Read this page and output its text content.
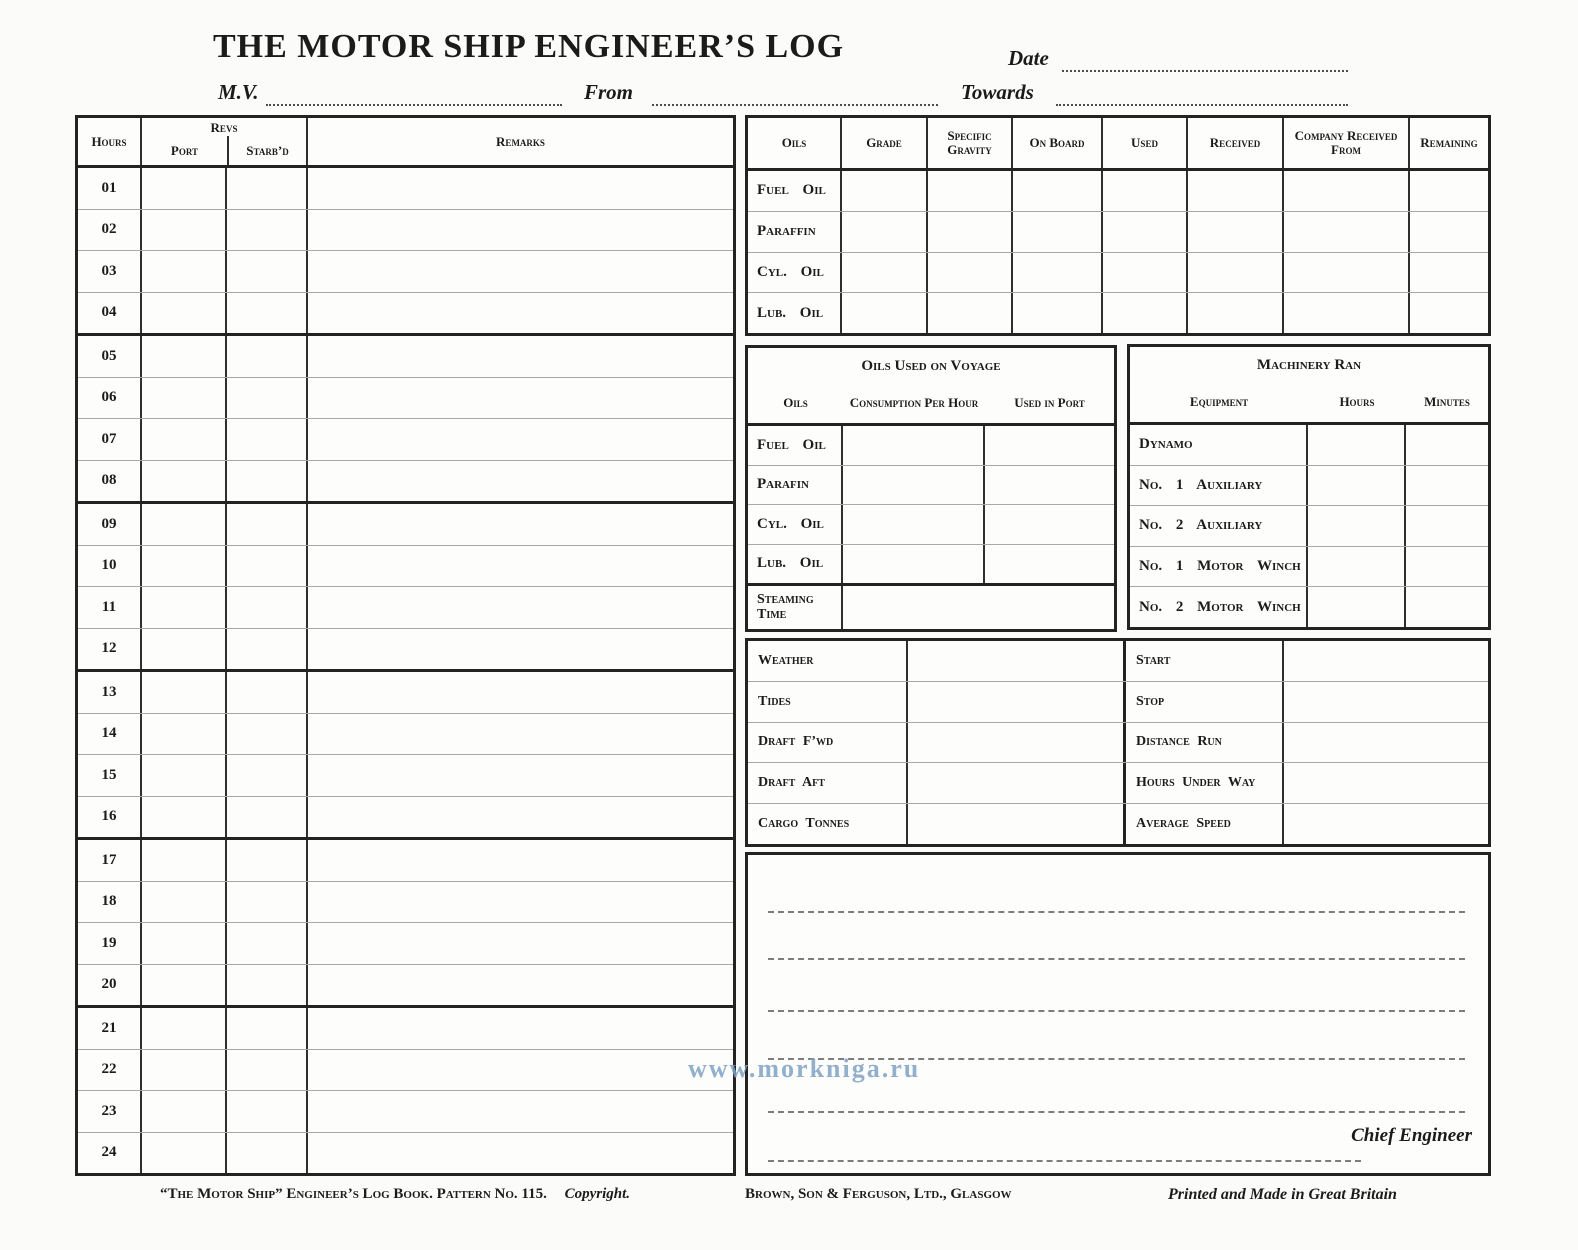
THE MOTOR SHIP ENGINEER’S LOG	Date
M.V.	From	Towards
Hours
Revs
Port	Starb’d
Remarks
01
02
03
04
05
06
07
08
09
10
11
12
13
14
15
16
17
18
19
20
21
22
23
24
Oils	Grade	Specific Gravity	On Board	Used	Received	Company Received From	Remaining
Fuel Oil
Paraffin
Cyl. Oil
Lub. Oil
Oils Used on Voyage
Oils	Consumption Per Hour	Used in Port
Fuel Oil
Parafin
Cyl. Oil
Lub. Oil
Steaming Time
Machinery Ran
Equipment	Hours	Minutes
Dynamo
No. 1 Auxiliary
No. 2 Auxiliary
No. 1 Motor Winch
No. 2 Motor Winch
Weather	Start
Tides	Stop
Draft F’wd	Distance Run
Draft Aft	Hours Under Way
Cargo Tonnes	Average Speed
Chief Engineer
“The Motor Ship” Engineer’s Log Book. Pattern No. 115. Copyright.	Brown, Son & Ferguson, Ltd., Glasgow	Printed and Made in Great Britain
www.morkniga.ru
